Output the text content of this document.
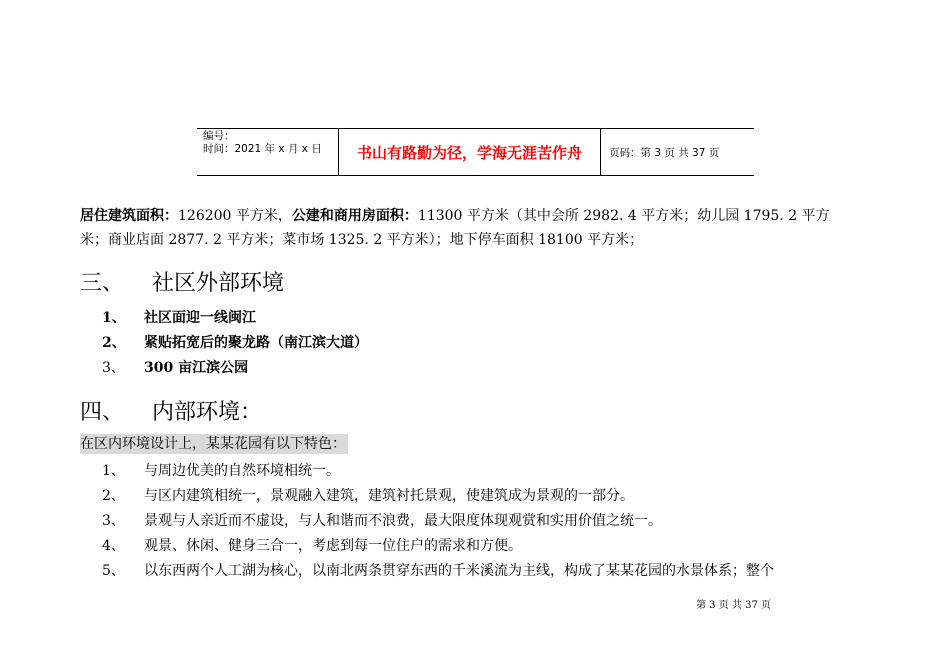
编号：
时间：2021 年 x 月 x 日	书山有路勤为径，学海无涯苦作舟	页码：第 3 页 共 37 页
居住建筑面积：126200 平方米，公建和商用房面积：11300 平方米（其中会所 2982. 4 平方米；幼儿园 1795. 2 平方
米；商业店面 2877. 2 平方米；菜市场 1325. 2 平方米）；地下停车面积 18100 平方米；
三、 社区外部环境
1、 社区面迎一线闽江
2、 紧贴拓宽后的聚龙路（南江滨大道）
3、 300 亩江滨公园
四、 内部环境：
在区内环境设计上，某某花园有以下特色：
1、 与周边优美的自然环境相统一。
2、 与区内建筑相统一，景观融入建筑，建筑衬托景观，使建筑成为景观的一部分。
3、 景观与人亲近而不虚设，与人和谐而不浪费，最大限度体现观赏和实用价值之统一。
4、 观景、休闲、健身三合一，考虑到每一位住户的需求和方便。
5、 以东西两个人工湖为核心，以南北两条贯穿东西的千米溪流为主线，构成了某某花园的水景体系；整个
第 3 页 共 37 页
